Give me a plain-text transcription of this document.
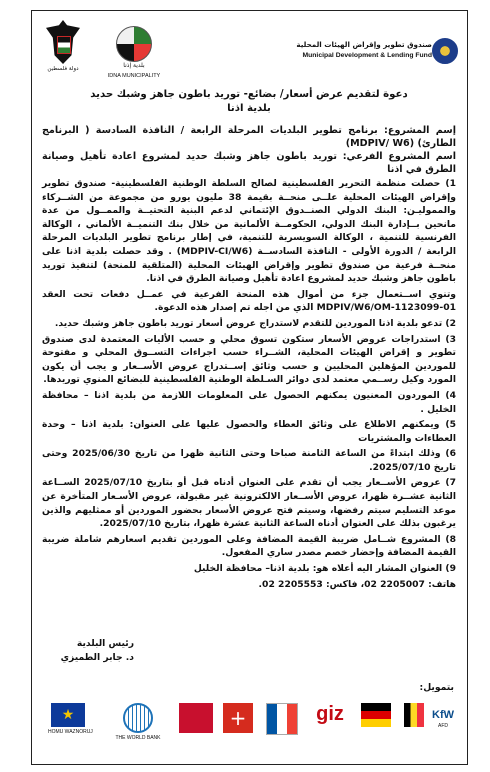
دولة فلسطين	بلدية إذنا
IDNA MUNICIPALITY
صندوق تطوير وإقراض الهيئات المحلية
Municipal Development & Lending Fund
دعوة لتقديم عرض أسعار/ بضائع- توريد باطون جاهز وشبك حديد
بلدية اذنا
إسم المشروع: برنامج تطوير البلديات المرحلة الرابعة / النافذة السادسة ( البرنامج الطارئ) (MDPIV/ W6)
اسم المشروع الفرعي: توريد باطون جاهز وشبك حديد لمشروع اعادة تأهيل وصيانة الطرق في اذنا

1) حصلت منظمة التحرير الفلسطينية لصالح السلطة الوطنية الفلسطينية- صندوق تطوير وإقراض الهيئات المحلية علــى منحــة بقيمة 38 مليون يورو من مجموعة من الشــركاء والمموليـن: البنك الدولي الصنــدوق الإئتماني لدعم البنية التحتيــة والممــول من عدة مانحين بــإدارة البنك الدولي، الحكومــة الألمانية من خلال بنك التنميــة الألماني ، الوكالة الفرنسية للتنمية ، الوكالة السويسرية للتنمية، في إطار برنامج تطوير البلديات المرحلة الرابعة / الدورة الأولى - النافذة السادســة (MDPIV-CI/W6) . وقد حصلت بلدية اذنا على منحــة فرعية من صندوق تطوير وإقراض الهيئات المحلية (المتلقية للمنحة) لتنفيذ توريد باطون جاهز وشبك حديد لمشروع اعادة تأهيل وصيانة الطرق في اذنا.

وتنوي اســتعمال جزء من أموال هذه المنحة الفرعية في عمــل دفعات تحت العقد MDPIV/W6/OM-1123099-01 الذي من اجله تم إصدار هذه الدعوة.

2) تدعو بلدية اذنا الموردين للتقدم لاستدراج عروض أسعار توريد باطون جاهز وشبك حديد.

3) استدراجات عروض الأسعار ستكون تسوق محلي و حسب الأليات المعتمدة لدى صندوق تطوير و إقراض الهيئات المحلية، الشــراء حسب اجراءات التســوق المحلي و مفتوحة للموردين المؤهلين المحليين و حسب وثائق إســتدراج عروض الأســعار و يجب أن يكون المورد وكيل رســمي معتمد لدى دوائر السـلطة الوطنية الفلسطينية للبضائع المنوي توريدها.

4) الموردون المعنيون يمكنهم الحصول على المعلومات اللازمة من بلدية اذنا – محافظة الخليل .

5) ويمكنهم الاطلاع على وثائق العطاء والحصول عليها على العنوان: بلدية اذنا – وحدة العطاءات والمشتريات

6) وذلك ابتداءً من الساعة الثامنة صباحا وحتى الثانية ظهرا من تاريخ 2025/06/30 وحتى تاريخ 2025/07/10.

7) عروض الأســعار يجب أن تقدم على العنوان أدناه قبل أو بتاريخ 2025/07/10 الســاعة الثانية عشــرة ظهرا، عروض الأســعار الالكترونية غير مقبولة، عروض الأسـعار المتأخرة عن موعد التسليم سيتم رفضها، وسيتم فتح عروض الأسعار بحضور الموردين أو ممثليهم والذين يرغبون بذلك على العنوان أدناه الساعة الثانية عشرة ظهرا، بتاريخ 2025/07/10.

8) المشروع شــامل ضريبة القيمة المضافة وعلى الموردين تقديم اسعارهم شاملة ضريبة القيمة المضافة وإحضار خصم مصدر ساري المفعول.

9) العنوان المشار اليه أعلاه هو: بلدية اذنا– محافظة الخليل

هاتف: 2205007 02، فاكس: 2205553 02.

رئيس البلدية
د. جابر الطميزي
بتمويل:
★
HOMU WAZNORUJ
THE WORLD BANK
+	giz	KfW
AFD
